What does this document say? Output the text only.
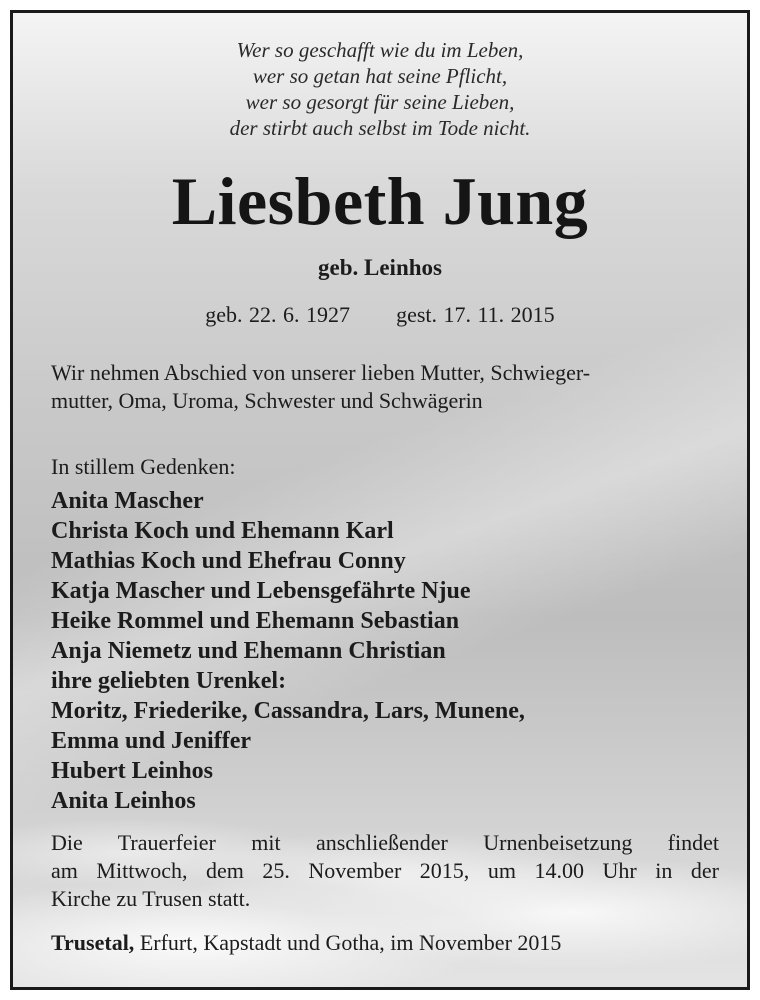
Wer so geschafft wie du im Leben,
wer so getan hat seine Pflicht,
wer so gesorgt für seine Lieben,
der stirbt auch selbst im Tode nicht.
Liesbeth Jung
geb. Leinhos
geb. 22. 6. 1927 gest. 17. 11. 2015
Wir nehmen Abschied von unserer lieben Mutter, Schwieger-
mutter, Oma, Uroma, Schwester und Schwägerin
In stillem Gedenken:
Anita Mascher
Christa Koch und Ehemann Karl
Mathias Koch und Ehefrau Conny
Katja Mascher und Lebensgefährte Njue
Heike Rommel und Ehemann Sebastian
Anja Niemetz und Ehemann Christian
ihre geliebten Urenkel:
Moritz, Friederike, Cassandra, Lars, Munene,
Emma und Jeniffer
Hubert Leinhos
Anita Leinhos
Die Trauerfeier mit anschließender Urnenbeisetzung findet
am Mittwoch, dem 25. November 2015, um 14.00 Uhr in der
Kirche zu Trusen statt.
Trusetal, Erfurt, Kapstadt und Gotha, im November 2015
